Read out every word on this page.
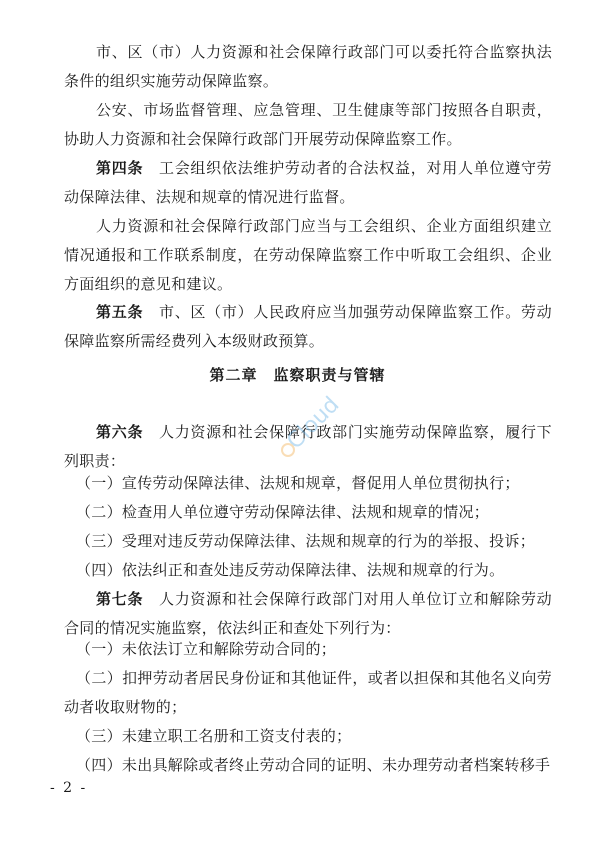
市、区（市）人力资源和社会保障行政部门可以委托符合监察执法条件的组织实施劳动保障监察。

公安、市场监督管理、应急管理、卫生健康等部门按照各自职责，协助人力资源和社会保障行政部门开展劳动保障监察工作。

第四条　工会组织依法维护劳动者的合法权益，对用人单位遵守劳动保障法律、法规和规章的情况进行监督。

人力资源和社会保障行政部门应当与工会组织、企业方面组织建立情况通报和工作联系制度，在劳动保障监察工作中听取工会组织、企业方面组织的意见和建议。

第五条　市、区（市）人民政府应当加强劳动保障监察工作。劳动保障监察所需经费列入本级财政预算。

第二章　监察职责与管辖

第六条　人力资源和社会保障行政部门实施劳动保障监察，履行下列职责：

（一）宣传劳动保障法律、法规和规章，督促用人单位贯彻执行；

（二）检查用人单位遵守劳动保障法律、法规和规章的情况；

（三）受理对违反劳动保障法律、法规和规章的行为的举报、投诉；

（四）依法纠正和查处违反劳动保障法律、法规和规章的行为。

第七条　人力资源和社会保障行政部门对用人单位订立和解除劳动合同的情况实施监察，依法纠正和查处下列行为：

（一）未依法订立和解除劳动合同的；

（二）扣押劳动者居民身份证和其他证件，或者以担保和其他名义向劳动者收取财物的；

（三）未建立职工名册和工资支付表的；

（四）未出具解除或者终止劳动合同的证明、未办理劳动者档案转移手

- 2 -
Cloud
